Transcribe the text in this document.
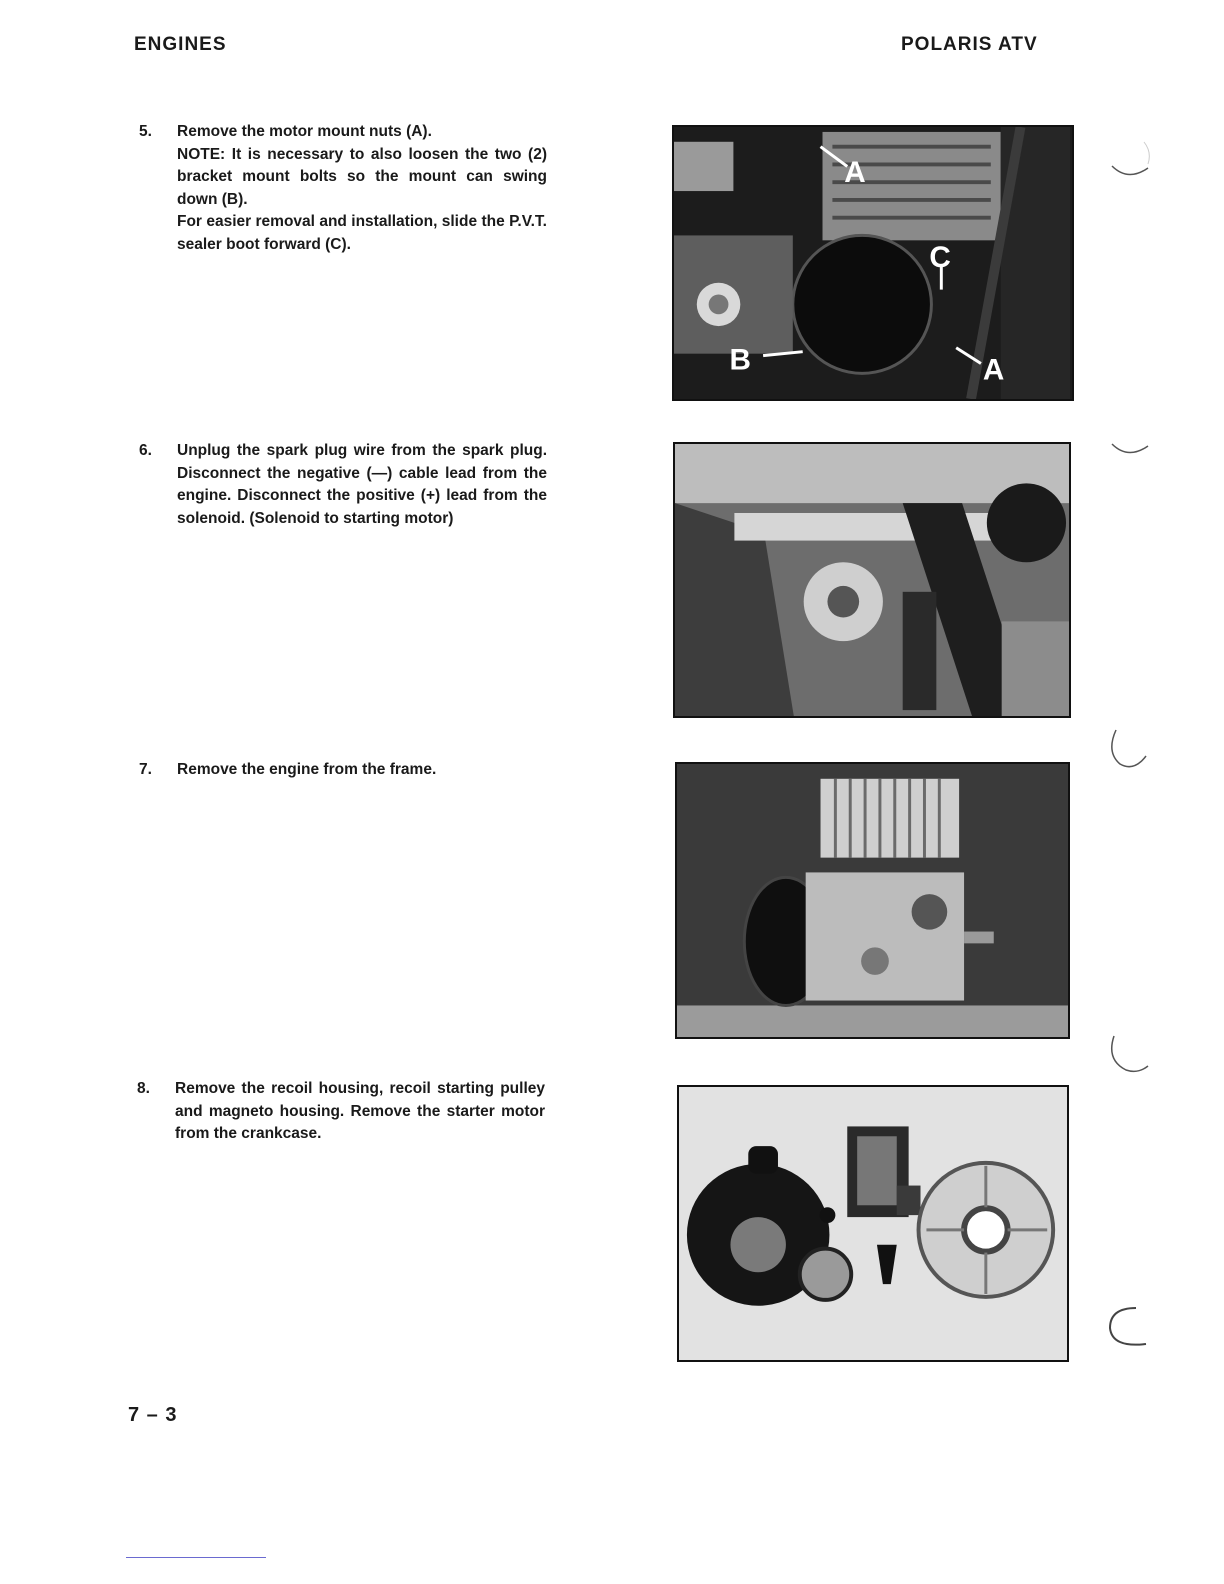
ENGINES	POLARIS ATV
5. Remove the motor mount nuts (A).

NOTE: It is necessary to also loosen the two (2) bracket mount bolts so the mount can swing down (B).

For easier removal and installation, slide the P.V.T. sealer boot forward (C).

6. Unplug the spark plug wire from the spark plug. Disconnect the negative (—) cable lead from the engine. Disconnect the positive (+) lead from the solenoid. (Solenoid to starting motor)

7. Remove the engine from the frame.

8. Remove the recoil housing, recoil starting pulley and magneto housing. Remove the starter motor from the crankcase.

A
B
C
A
7 – 3
